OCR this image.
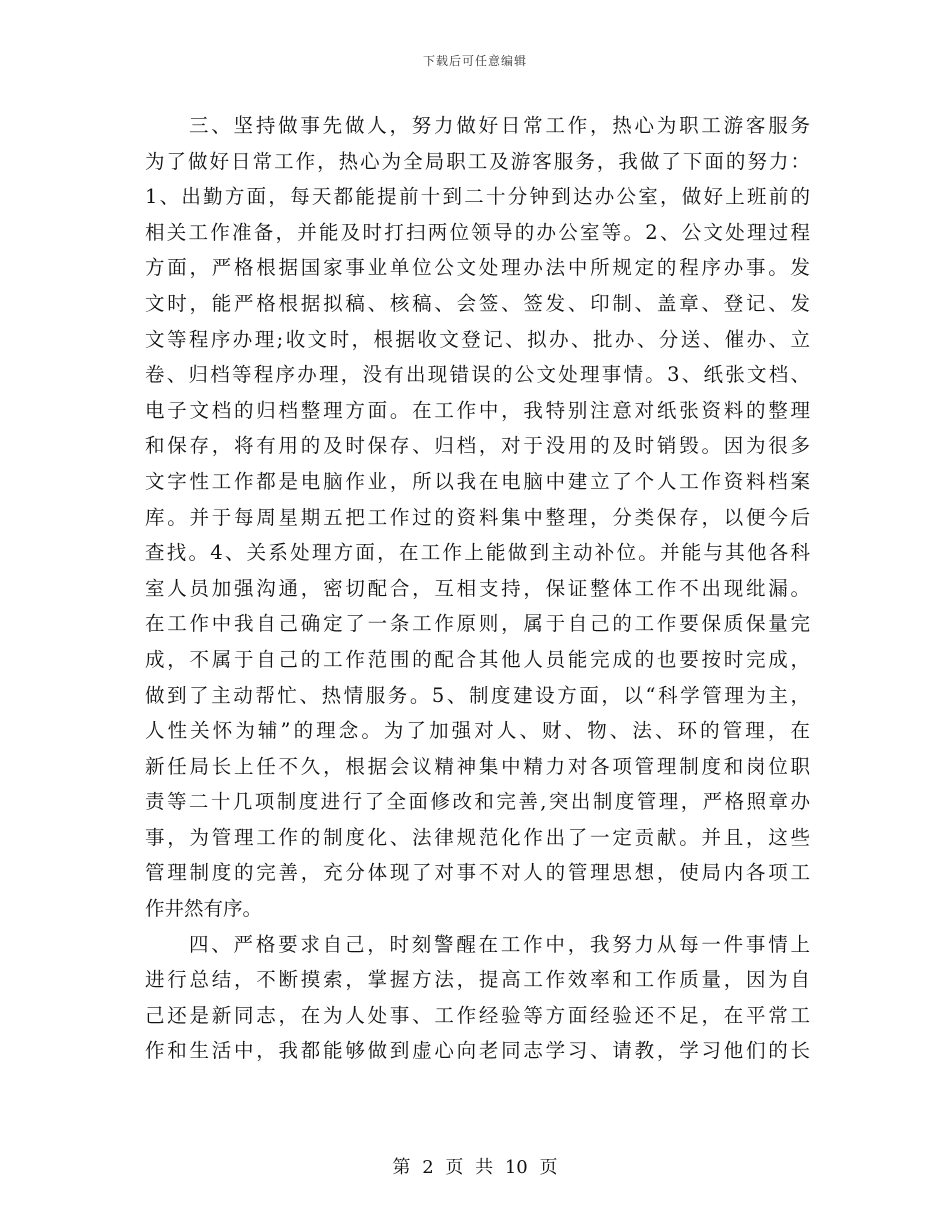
下载后可任意编辑
三、坚持做事先做人，努力做好日常工作，热心为职工游客服务
为了做好日常工作，热心为全局职工及游客服务，我做了下面的努力：
1、出勤方面，每天都能提前十到二十分钟到达办公室，做好上班前的
相关工作准备，并能及时打扫两位领导的办公室等。2、公文处理过程
方面，严格根据国家事业单位公文处理办法中所规定的程序办事。发
文时，能严格根据拟稿、核稿、会签、签发、印制、盖章、登记、发
文等程序办理;收文时，根据收文登记、拟办、批办、分送、催办、立
卷、归档等程序办理，没有出现错误的公文处理事情。3、纸张文档、
电子文档的归档整理方面。在工作中，我特别注意对纸张资料的整理
和保存，将有用的及时保存、归档，对于没用的及时销毁。因为很多
文字性工作都是电脑作业，所以我在电脑中建立了个人工作资料档案
库。并于每周星期五把工作过的资料集中整理，分类保存，以便今后
查找。4、关系处理方面，在工作上能做到主动补位。并能与其他各科
室人员加强沟通，密切配合，互相支持，保证整体工作不出现纰漏。
在工作中我自己确定了一条工作原则，属于自己的工作要保质保量完
成，不属于自己的工作范围的配合其他人员能完成的也要按时完成，
做到了主动帮忙、热情服务。5、制度建设方面，以“科学管理为主，
人性关怀为辅”的理念。为了加强对人、财、物、法、环的管理，在
新任局长上任不久，根据会议精神集中精力对各项管理制度和岗位职
责等二十几项制度进行了全面修改和完善,突出制度管理，严格照章办
事，为管理工作的制度化、法律规范化作出了一定贡献。并且，这些
管理制度的完善，充分体现了对事不对人的管理思想，使局内各项工
作井然有序。
四、严格要求自己，时刻警醒在工作中，我努力从每一件事情上
进行总结，不断摸索，掌握方法，提高工作效率和工作质量，因为自
己还是新同志，在为人处事、工作经验等方面经验还不足，在平常工
作和生活中，我都能够做到虚心向老同志学习、请教，学习他们的长
第 2 页 共 10 页
